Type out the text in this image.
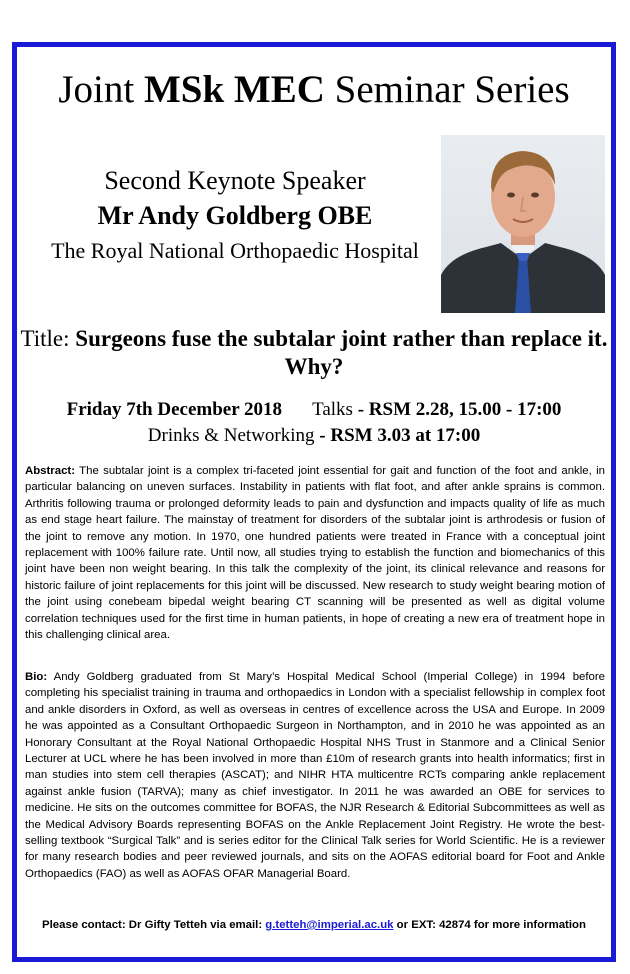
Joint MSk MEC Seminar Series
Second Keynote Speaker
Mr Andy Goldberg OBE
The Royal National Orthopaedic Hospital
Title: Surgeons fuse the subtalar joint rather than replace it. Why?
Friday 7th December 2018 Talks - RSM 2.28, 15.00 - 17:00
Drinks & Networking - RSM 3.03 at 17:00
Abstract: The subtalar joint is a complex tri-faceted joint essential for gait and function of the foot and ankle, in particular balancing on uneven surfaces. Instability in patients with flat foot, and after ankle sprains is common. Arthritis following trauma or prolonged deformity leads to pain and dysfunction and impacts quality of life as much as end stage heart failure. The mainstay of treatment for disorders of the subtalar joint is arthrodesis or fusion of the joint to remove any motion. In 1970, one hundred patients were treated in France with a conceptual joint replacement with 100% failure rate. Until now, all studies trying to establish the function and biomechanics of this joint have been non weight bearing. In this talk the complexity of the joint, its clinical relevance and reasons for historic failure of joint replacements for this joint will be discussed. New research to study weight bearing motion of the joint using conebeam bipedal weight bearing CT scanning will be presented as well as digital volume correlation techniques used for the first time in human patients, in hope of creating a new era of treatment hope in this challenging clinical area.
Bio: Andy Goldberg graduated from St Mary’s Hospital Medical School (Imperial College) in 1994 before completing his specialist training in trauma and orthopaedics in London with a specialist fellowship in complex foot and ankle disorders in Oxford, as well as overseas in centres of excellence across the USA and Europe. In 2009 he was appointed as a Consultant Orthopaedic Surgeon in Northampton, and in 2010 he was appointed as an Honorary Consultant at the Royal National Orthopaedic Hospital NHS Trust in Stanmore and a Clinical Senior Lecturer at UCL where he has been involved in more than £10m of research grants into health informatics; first in man studies into stem cell therapies (ASCAT); and NIHR HTA multicentre RCTs comparing ankle replacement against ankle fusion (TARVA); many as chief investigator. In 2011 he was awarded an OBE for services to medicine. He sits on the outcomes committee for BOFAS, the NJR Research & Editorial Subcommittees as well as the Medical Advisory Boards representing BOFAS on the Ankle Replacement Joint Registry. He wrote the best-selling textbook “Surgical Talk” and is series editor for the Clinical Talk series for World Scientific. He is a reviewer for many research bodies and peer reviewed journals, and sits on the AOFAS editorial board for Foot and Ankle Orthopaedics (FAO) as well as AOFAS OFAR Managerial Board.
Please contact: Dr Gifty Tetteh via email: g.tetteh@imperial.ac.uk or EXT: 42874 for more information
